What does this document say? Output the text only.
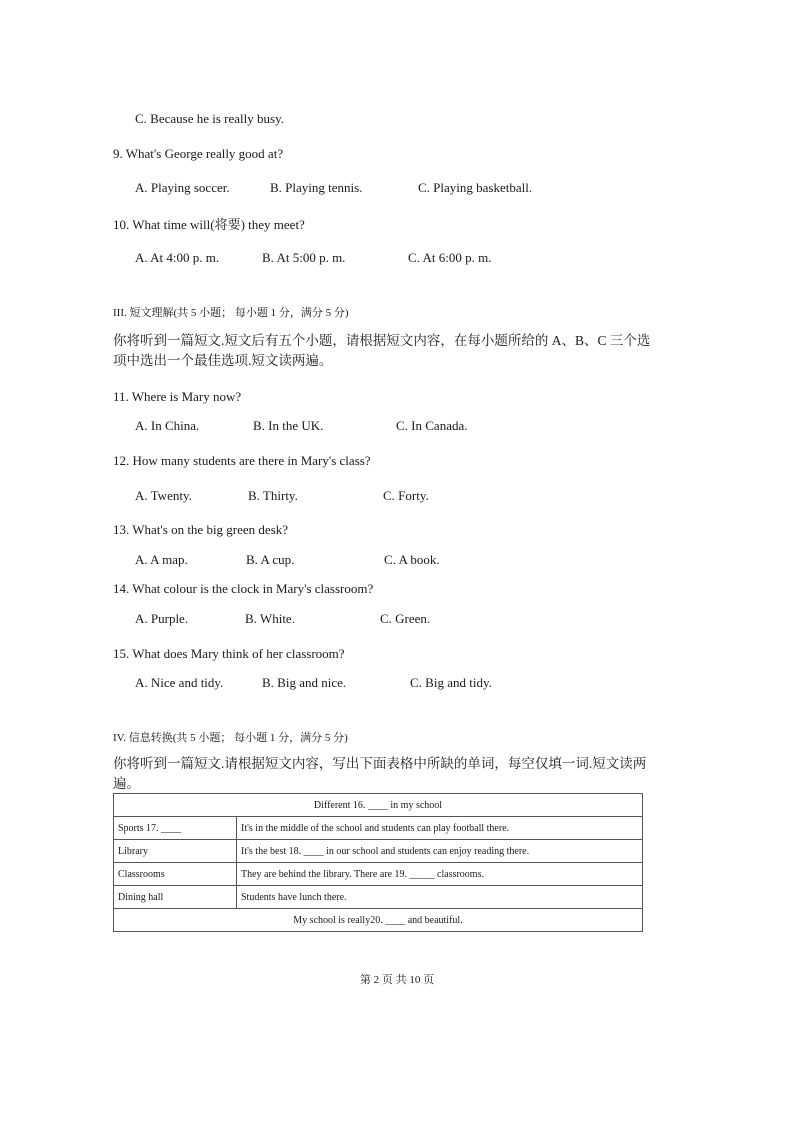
C. Because he is really busy.
9. What's George really good at?
A. Playing soccer.	B. Playing tennis.	C. Playing basketball.
10. What time will(将要) they meet?
A. At 4:00 p. m.	B. At 5:00 p. m.	C. At 6:00 p. m.
III. 短文理解(共 5 小题； 每小题 1 分，满分 5 分)
你将听到一篇短文.短文后有五个小题，请根据短文内容，在每小题所给的 A、B、C 三个选项中选出一个最佳选项.短文读两遍。
11. Where is Mary now?
A. In China.	B. In the UK.	C. In Canada.
12. How many students are there in Mary's class?
A. Twenty.	B. Thirty.	C. Forty.
13. What's on the big green desk?
A. A map.	B. A cup.	C. A book.
14. What colour is the clock in Mary's classroom?
A. Purple.	B. White.	C. Green.
15. What does Mary think of her classroom?
A. Nice and tidy.	B. Big and nice.	C. Big and tidy.
IV. 信息转换(共 5 小题； 每小题 1 分，满分 5 分)
你将听到一篇短文.请根据短文内容，写出下面表格中所缺的单词，每空仅填一词.短文读两遍。
Different 16. ____ in my school	
Sports 17. ____	It's in the middle of the school and students can play football there.
Library	It's the best 18. ____ in our school and students can enjoy reading there.
Classrooms	They are behind the library. There are 19. _____ classrooms.
Dining hall	Students have lunch there.
My school is really20. ____ and beautiful.	
第 2 页 共 10 页
